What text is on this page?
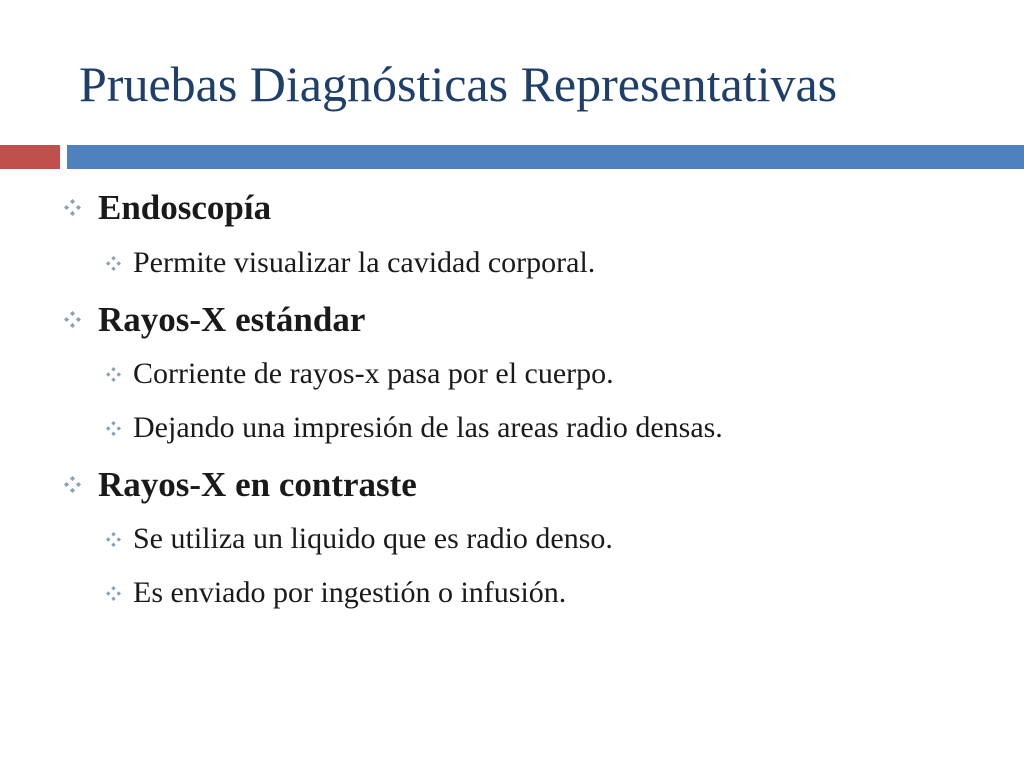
Pruebas Diagnósticas Representativas
Endoscopía
Permite visualizar la cavidad corporal.
Rayos-X estándar
Corriente de rayos-x pasa por el cuerpo.
Dejando una impresión de las areas radio densas.
Rayos-X en contraste
Se utiliza un liquido que es radio denso.
Es enviado por ingestión o infusión.
